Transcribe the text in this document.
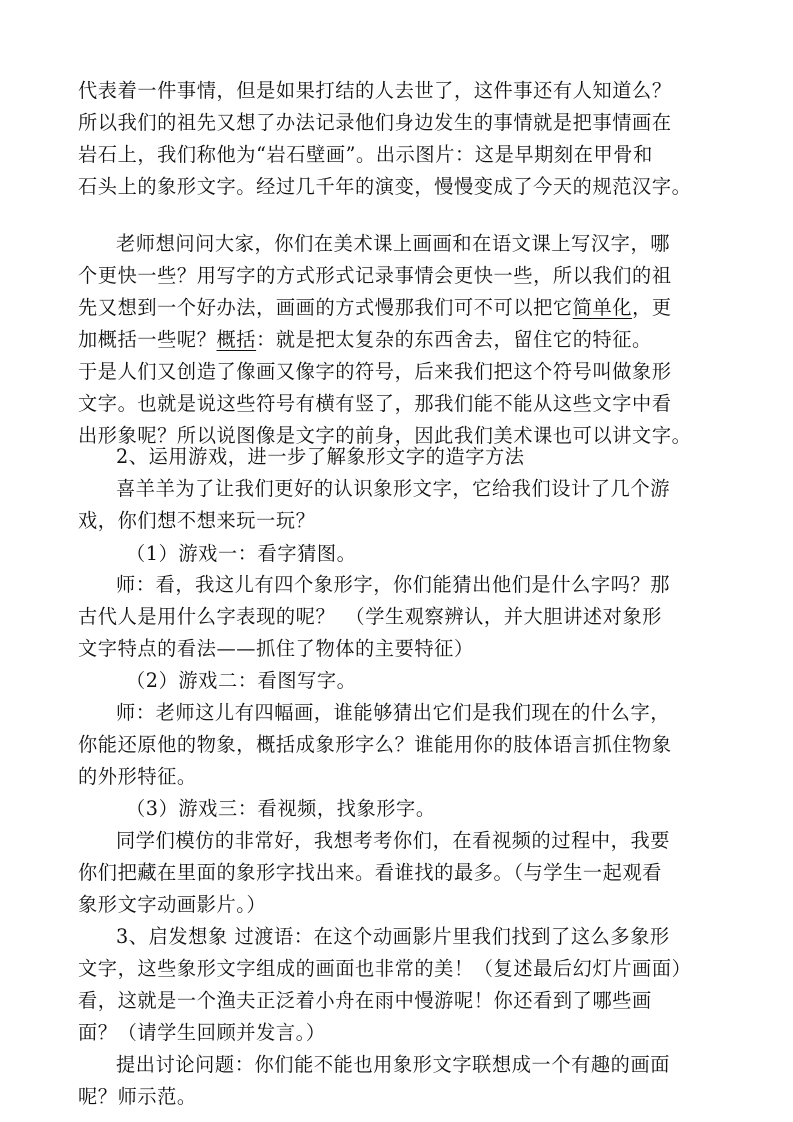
代表着一件事情，但是如果打结的人去世了，这件事还有人知道么？
所以我们的祖先又想了办法记录他们身边发生的事情就是把事情画在
岩石上，我们称他为“岩石壁画”。出示图片：这是早期刻在甲骨和
石头上的象形文字。经过几千年的演变，慢慢变成了今天的规范汉字。
老师想问问大家，你们在美术课上画画和在语文课上写汉字，哪
个更快一些？用写字的方式形式记录事情会更快一些，所以我们的祖
先又想到一个好办法，画画的方式慢那我们可不可以把它简单化，更
加概括一些呢？概括：就是把太复杂的东西舍去，留住它的特征。
于是人们又创造了像画又像字的符号，后来我们把这个符号叫做象形
文字。也就是说这些符号有横有竖了，那我们能不能从这些文字中看
出形象呢？所以说图像是文字的前身，因此我们美术课也可以讲文字。
2、运用游戏，进一步了解象形文字的造字方法
喜羊羊为了让我们更好的认识象形文字，它给我们设计了几个游
戏，你们想不想来玩一玩？
（1）游戏一：看字猜图。
师：看，我这儿有四个象形字，你们能猜出他们是什么字吗？那
古代人是用什么字表现的呢？　（学生观察辨认，并大胆讲述对象形
文字特点的看法——抓住了物体的主要特征）
（2）游戏二：看图写字。
师：老师这儿有四幅画，谁能够猜出它们是我们现在的什么字，
你能还原他的物象，概括成象形字么？谁能用你的肢体语言抓住物象
的外形特征。
（3）游戏三：看视频，找象形字。
同学们模仿的非常好，我想考考你们，在看视频的过程中，我要
你们把藏在里面的象形字找出来。看谁找的最多。（与学生一起观看
象形文字动画影片。）
3、启发想象 过渡语：在这个动画影片里我们找到了这么多象形
文字，这些象形文字组成的画面也非常的美！（复述最后幻灯片画面）
看，这就是一个渔夫正泛着小舟在雨中慢游呢！你还看到了哪些画
面？（请学生回顾并发言。）
提出讨论问题：你们能不能也用象形文字联想成一个有趣的画面
呢？师示范。
